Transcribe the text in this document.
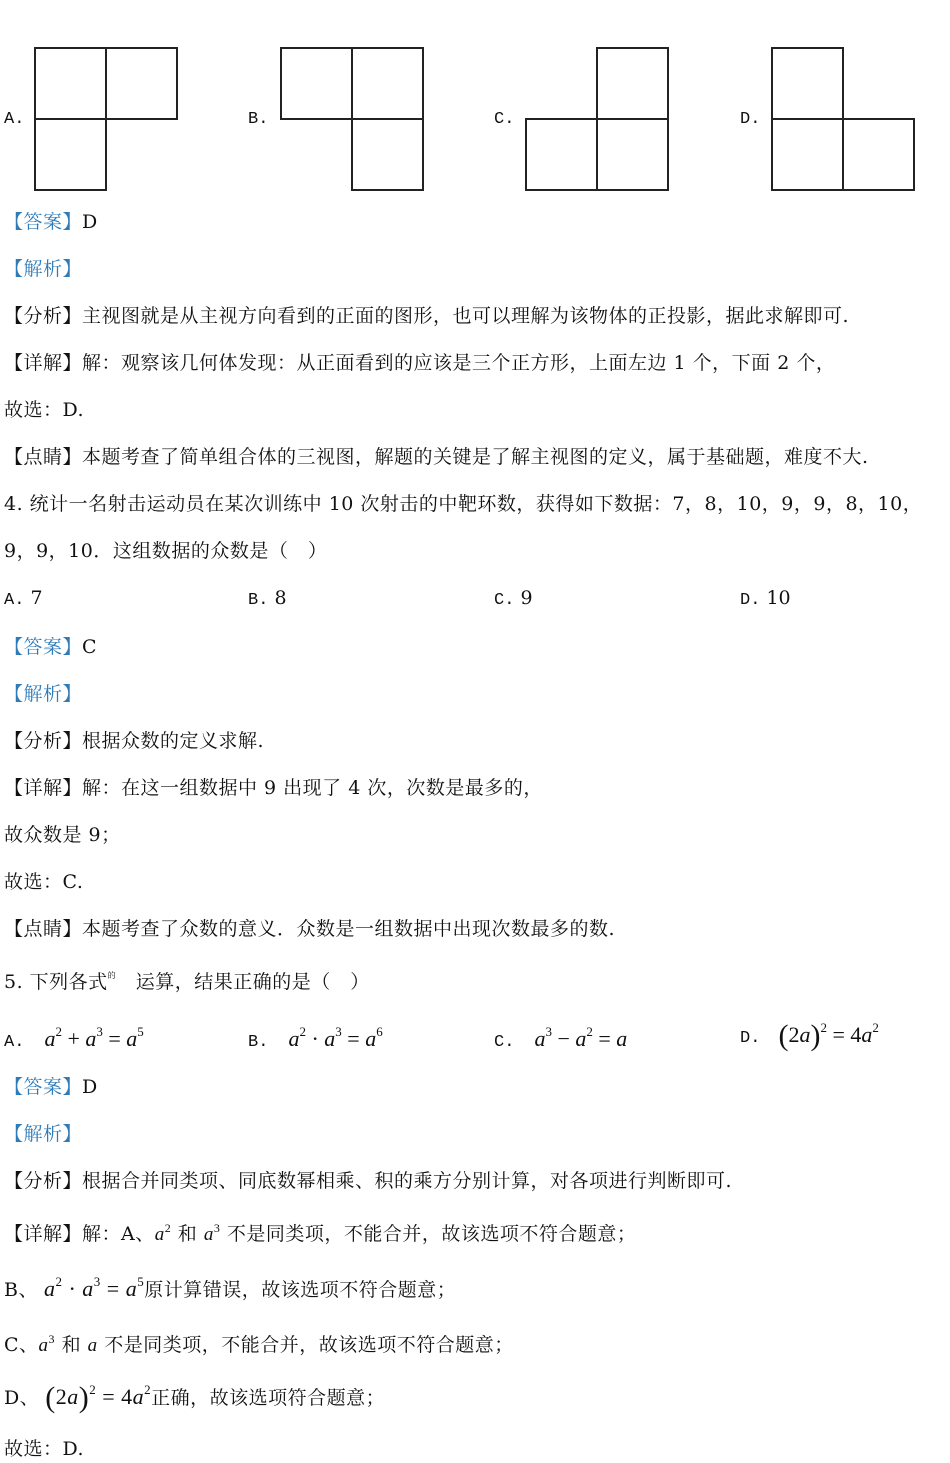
A.	B.	C.	D.
【答案】D
【解析】
【分析】主视图就是从主视方向看到的正面的图形，也可以理解为该物体的正投影，据此求解即可.
【详解】解：观察该几何体发现：从正面看到的应该是三个正方形，上面左边 1 个，下面 2 个，
故选：D.
【点睛】本题考查了简单组合体的三视图，解题的关键是了解主视图的定义，属于基础题，难度不大.
4. 统计一名射击运动员在某次训练中 10 次射击的中靶环数，获得如下数据：7，8，10，9，9，8，10，
9，9，10．这组数据的众数是（　）
A. 7	B. 8	C. 9	D. 10
【答案】C
【解析】
【分析】根据众数的定义求解.
【详解】解：在这一组数据中 9 出现了 4 次，次数是最多的，
故众数是 9；
故选：C.
【点睛】本题考查了众数的意义．众数是一组数据中出现次数最多的数.
5. 下列各式$^的$　 运算，结果正确的是（　）
A. $a^2 + a^3 = a^5$
B. $a^2 \cdot a^3 = a^6$
C. $a^3 - a^2 = a$	D. $(2a)^2 = 4a^2$
【答案】D
【解析】
【分析】根据合并同类项、同底数幂相乘、积的乘方分别计算，对各项进行判断即可.
【详解】解：A、$a^2$ 和 $a^3$ 不是同类项，不能合并，故该选项不符合题意；
B、 $a^2 \cdot a^3 = a^5$原计算错误，故该选项不符合题意；
C、$a^3$ 和 a 不是同类项，不能合并，故该选项不符合题意；
D、 $(2a)^2 = 4a^2$正确，故该选项符合题意；
故选：D.
